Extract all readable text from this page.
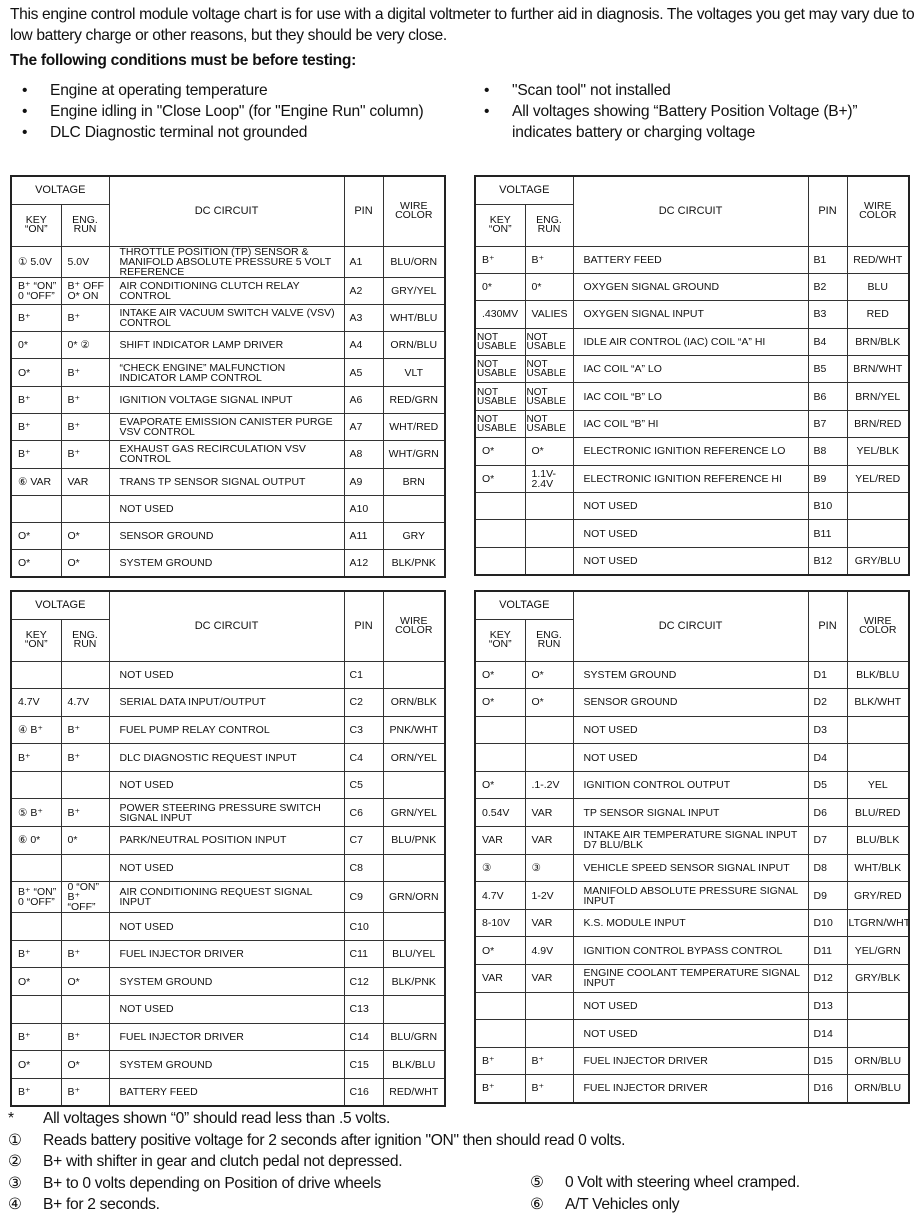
This engine control module voltage chart is for use with a digital voltmeter to further aid in diagnosis. The voltages you get may vary due to low battery charge or other reasons, but they should be very close.
The following conditions must be before testing:
• Engine at operating temperature
• Engine idling in "Close Loop" (for "Engine Run" column)
• DLC Diagnostic terminal not grounded
• "Scan tool" not installed
• All voltages showing “Battery Position Voltage (B+)” indicates battery or charging voltage
VOLTAGE		DC CIRCUIT	PIN	WIRE COLOR
KEY “ON”	ENG. RUN			
① 5.0V	5.0V	THROTTLE POSITION (TP) SENSOR & MANIFOLD ABSOLUTE PRESSURE 5 VOLT REFERENCE	A1	BLU/ORN
B⁺ “ON” 0 “OFF”	B⁺ OFF O* ON	AIR CONDITIONING CLUTCH RELAY CONTROL	A2	GRY/YEL
B⁺	B⁺	INTAKE AIR VACUUM SWITCH VALVE (VSV) CONTROL	A3	WHT/BLU
0*	0* ②	SHIFT INDICATOR LAMP DRIVER	A4	ORN/BLU
O*	B⁺	“CHECK ENGINE” MALFUNCTION INDICATOR LAMP CONTROL	A5	VLT
B⁺	B⁺	IGNITION VOLTAGE SIGNAL INPUT	A6	RED/GRN
B⁺	B⁺	EVAPORATE EMISSION CANISTER PURGE VSV CONTROL	A7	WHT/RED
B⁺	B⁺	EXHAUST GAS RECIRCULATION VSV CONTROL	A8	WHT/GRN
⑥ VAR	VAR	TRANS TP SENSOR SIGNAL OUTPUT	A9	BRN
		NOT USED	A10	
O*	O*	SENSOR GROUND	A11	GRY
O*	O*	SYSTEM GROUND	A12	BLK/PNK
VOLTAGE		DC CIRCUIT	PIN	WIRE COLOR
KEY “ON”	ENG. RUN			
B⁺	B⁺	BATTERY FEED	B1	RED/WHT
0*	0*	OXYGEN SIGNAL GROUND	B2	BLU
.430MV	VALIES	OXYGEN SIGNAL INPUT	B3	RED
NOT USABLE	NOT USABLE	IDLE AIR CONTROL (IAC) COIL “A” HI	B4	BRN/BLK
NOT USABLE	NOT USABLE	IAC COIL “A” LO	B5	BRN/WHT
NOT USABLE	NOT USABLE	IAC COIL “B” LO	B6	BRN/YEL
NOT USABLE	NOT USABLE	IAC COIL “B” HI	B7	BRN/RED
O*	O*	ELECTRONIC IGNITION REFERENCE LO	B8	YEL/BLK
O*	1.1V- 2.4V	ELECTRONIC IGNITION REFERENCE HI	B9	YEL/RED
		NOT USED	B10	
		NOT USED	B11	
		NOT USED	B12	GRY/BLU
VOLTAGE		DC CIRCUIT	PIN	WIRE COLOR
KEY “ON”	ENG. RUN			
		NOT USED	C1	
4.7V	4.7V	SERIAL DATA INPUT/OUTPUT	C2	ORN/BLK
④ B⁺	B⁺	FUEL PUMP RELAY CONTROL	C3	PNK/WHT
B⁺	B⁺	DLC DIAGNOSTIC REQUEST INPUT	C4	ORN/YEL
		NOT USED	C5	
⑤ B⁺	B⁺	POWER STEERING PRESSURE SWITCH SIGNAL INPUT	C6	GRN/YEL
⑥ 0*	0*	PARK/NEUTRAL POSITION INPUT	C7	BLU/PNK
		NOT USED	C8	
B⁺ “ON” 0 “OFF”	0 “ON” B⁺ “OFF”	AIR CONDITIONING REQUEST SIGNAL INPUT	C9	GRN/ORN
		NOT USED	C10	
B⁺	B⁺	FUEL INJECTOR DRIVER	C11	BLU/YEL
O*	O*	SYSTEM GROUND	C12	BLK/PNK
		NOT USED	C13	
B⁺	B⁺	FUEL INJECTOR DRIVER	C14	BLU/GRN
O*	O*	SYSTEM GROUND	C15	BLK/BLU
B⁺	B⁺	BATTERY FEED	C16	RED/WHT
VOLTAGE		DC CIRCUIT	PIN	WIRE COLOR
KEY “ON”	ENG. RUN			
O*	O*	SYSTEM GROUND	D1	BLK/BLU
O*	O*	SENSOR GROUND	D2	BLK/WHT
		NOT USED	D3	
		NOT USED	D4	
O*	.1-.2V	IGNITION CONTROL OUTPUT	D5	YEL
0.54V	VAR	TP SENSOR SIGNAL INPUT	D6	BLU/RED
VAR	VAR	INTAKE AIR TEMPERATURE SIGNAL INPUT D7 BLU/BLK	D7	BLU/BLK
③	③	VEHICLE SPEED SENSOR SIGNAL INPUT	D8	WHT/BLK
4.7V	1-2V	MANIFOLD ABSOLUTE PRESSURE SIGNAL INPUT	D9	GRY/RED
8-10V	VAR	K.S. MODULE INPUT	D10	LTGRN/WHT
O*	4.9V	IGNITION CONTROL BYPASS CONTROL	D11	YEL/GRN
VAR	VAR	ENGINE COOLANT TEMPERATURE SIGNAL INPUT	D12	GRY/BLK
		NOT USED	D13	
		NOT USED	D14	
B⁺	B⁺	FUEL INJECTOR DRIVER	D15	ORN/BLU
B⁺	B⁺	FUEL INJECTOR DRIVER	D16	ORN/BLU
* All voltages shown “0” should read less than .5 volts.
① Reads battery positive voltage for 2 seconds after ignition "ON" then should read 0 volts.
② B+ with shifter in gear and clutch pedal not depressed.
③ B+ to 0 volts depending on Position of drive wheels
④ B+ for 2 seconds.
⑤ 0 Volt with steering wheel cramped.
⑥ A/T Vehicles only
